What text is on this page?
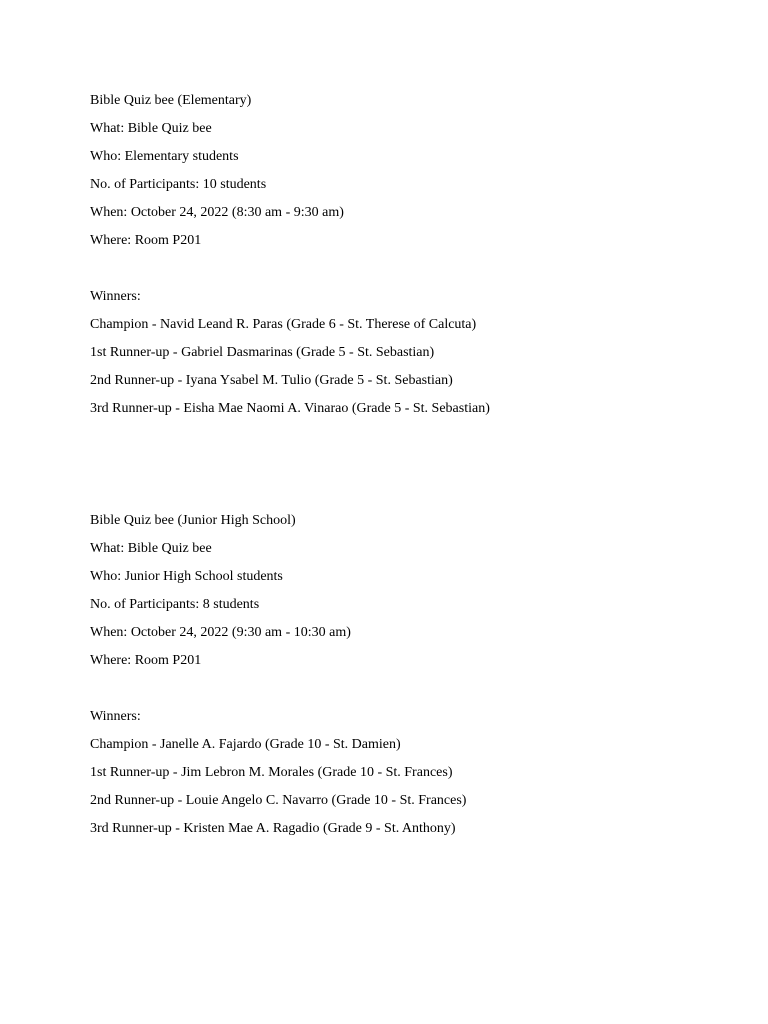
Bible Quiz bee (Elementary)
What: Bible Quiz bee
Who: Elementary students
No. of Participants: 10 students
When: October 24, 2022 (8:30 am - 9:30 am)
Where: Room P201
Winners:
Champion - Navid Leand R. Paras (Grade 6 - St. Therese of Calcuta)
1st Runner-up - Gabriel Dasmarinas (Grade 5 - St. Sebastian)
2nd Runner-up - Iyana Ysabel M. Tulio (Grade 5 - St. Sebastian)
3rd Runner-up - Eisha Mae Naomi A. Vinarao (Grade 5 - St. Sebastian)
Bible Quiz bee (Junior High School)
What: Bible Quiz bee
Who: Junior High School students
No. of Participants: 8 students
When: October 24, 2022 (9:30 am - 10:30 am)
Where: Room P201
Winners:
Champion - Janelle A. Fajardo (Grade 10 - St. Damien)
1st Runner-up - Jim Lebron M. Morales (Grade 10 - St. Frances)
2nd Runner-up - Louie Angelo C. Navarro (Grade 10 - St. Frances)
3rd Runner-up - Kristen Mae A. Ragadio (Grade 9 - St. Anthony)
